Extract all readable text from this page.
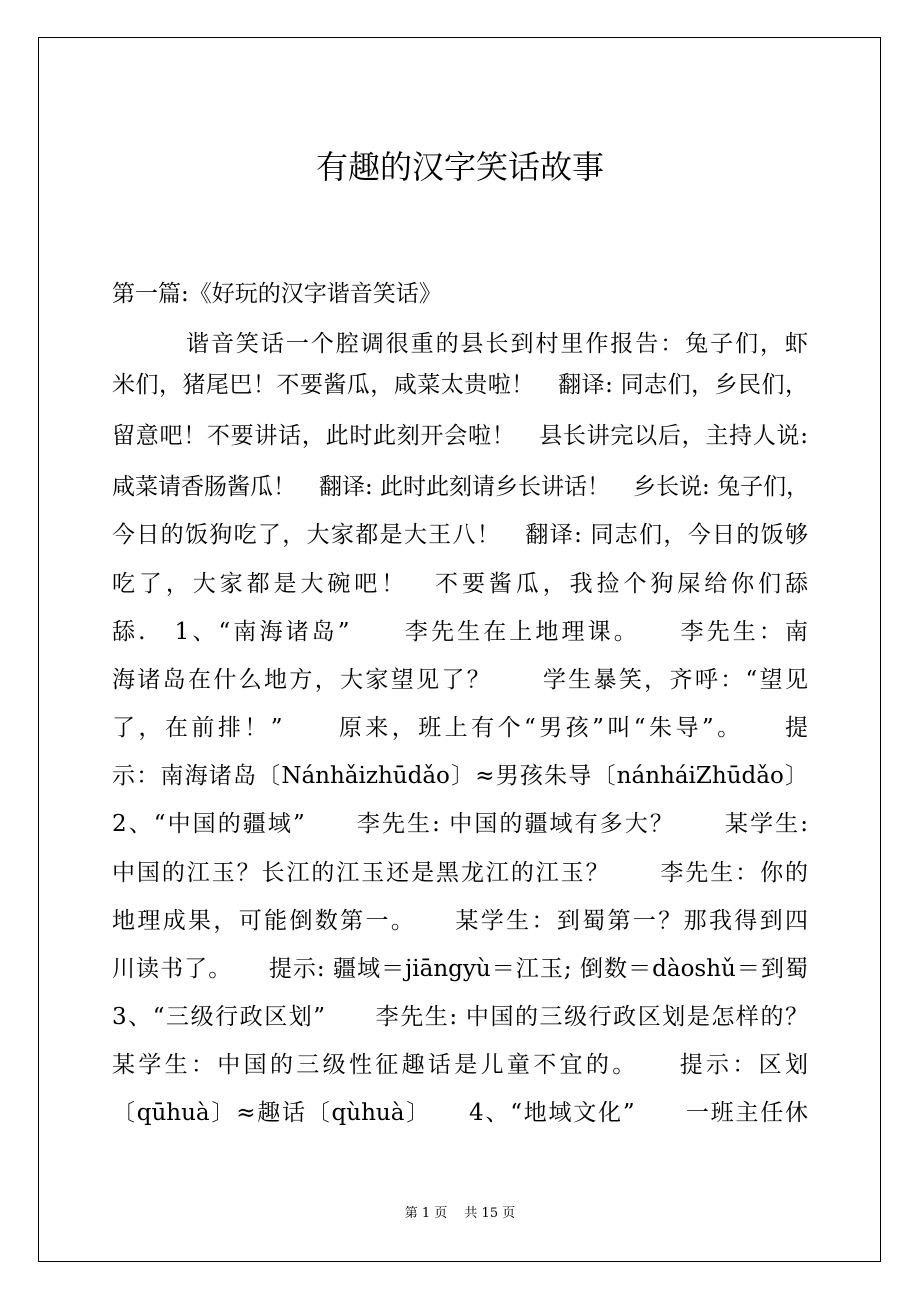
有趣的汉字笑话故事

第一篇:《好玩的汉字谐音笑话》

谐音笑话一个腔调很重的县长到村里作报告：兔子们，虾

米们，猪尾巴！不要酱瓜，咸菜太贵啦！　翻译: 同志们，乡民们，

留意吧！不要讲话，此时此刻开会啦！　县长讲完以后，主持人说:

咸菜请香肠酱瓜！　翻译: 此时此刻请乡长讲话！　乡长说: 兔子们，

今日的饭狗吃了，大家都是大王八！　翻译: 同志们，今日的饭够

吃了，大家都是大碗吧！　不要酱瓜，我捡个狗屎给你们舔

舔.　1、“南海诸岛”　　李先生在上地理课。　　李先生：南

海诸岛在什么地方，大家望见了？　　学生暴笑，齐呼：“望见

了，在前排！”　　原来，班上有个“男孩”叫“朱导”。　　提

示：南海诸岛〔Nánhǎizhūdǎo〕≈男孩朱导〔nánháiZhūdǎo〕

2、“中国的疆域”　　李先生: 中国的疆域有多大？　　某学生:

中国的江玉？长江的江玉还是黑龙江的江玉？　　李先生：你的

地理成果，可能倒数第一。　　某学生：到蜀第一？那我得到四

川读书了。　　提示: 疆域＝jiāngyù＝江玉; 倒数＝dàoshǔ＝到蜀

3、“三级行政区划”　　李先生: 中国的三级行政区划是怎样的？

某学生：中国的三级性征趣话是儿童不宜的。　　提示：区划

〔qūhuà〕≈趣话〔qùhuà〕　　4、“地域文化”　　一班主任休

第 1 页　 共 15 页
